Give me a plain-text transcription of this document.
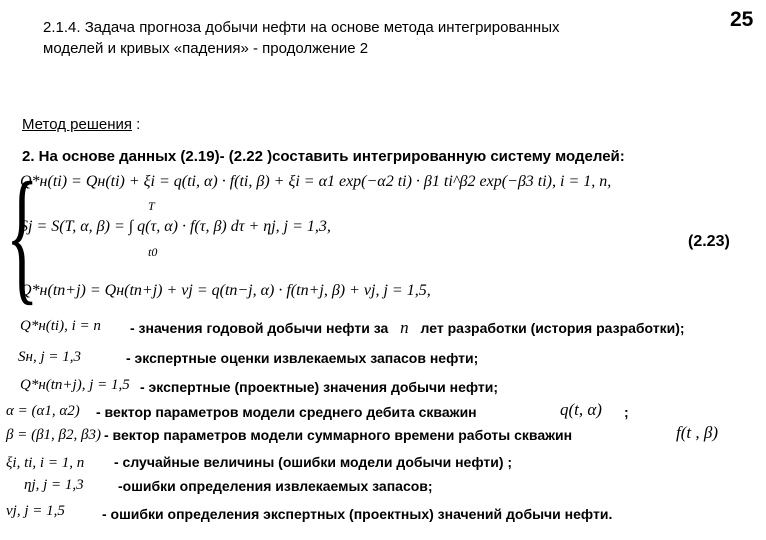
2.1.4. Задача прогноза добычи нефти на основе метода интегрированных
моделей и кривых «падения» - продолжение 2
25
Метод решения :
2. На основе данных (2.19)- (2.22 )составить интегрированную систему моделей:
{
Q*н(ti) = Qн(ti) + ξi = q(ti, α) · f(ti, β) + ξi = α1 exp(−α2 ti) · β1 ti^β2 exp(−β3 ti), i = 1, n,
Sj = S(T, α, β) = ∫ q(τ, α) · f(τ, β) dτ + ηj, j = 1,3,
T
t0
(2.23)
Q*н(tn+j) = Qн(tn+j) + νj = q(tn−j, α) · f(tn+j, β) + νj, j = 1,5,
Q*н(ti), i = n - значения годовой добычи нефти за n лет разработки (история разработки);
Sн, j = 1,3	- экспертные оценки извлекаемых запасов нефти;
Q*н(tn+j), j = 1,5 - экспертные (проектные) значения добычи нефти;
α = (α1, α2) - вектор параметров модели среднего дебита скважин	q(t, α) ;
β = (β1, β2, β3) - вектор параметров модели суммарного времени работы скважин	f(t , β)
ξi, ti, i = 1, n - случайные величины (ошибки модели добычи нефти) ;
ηj, j = 1,3 -ошибки определения извлекаемых запасов;
νj, j = 1,5	- ошибки определения экспертных (проектных) значений добычи нефти.
